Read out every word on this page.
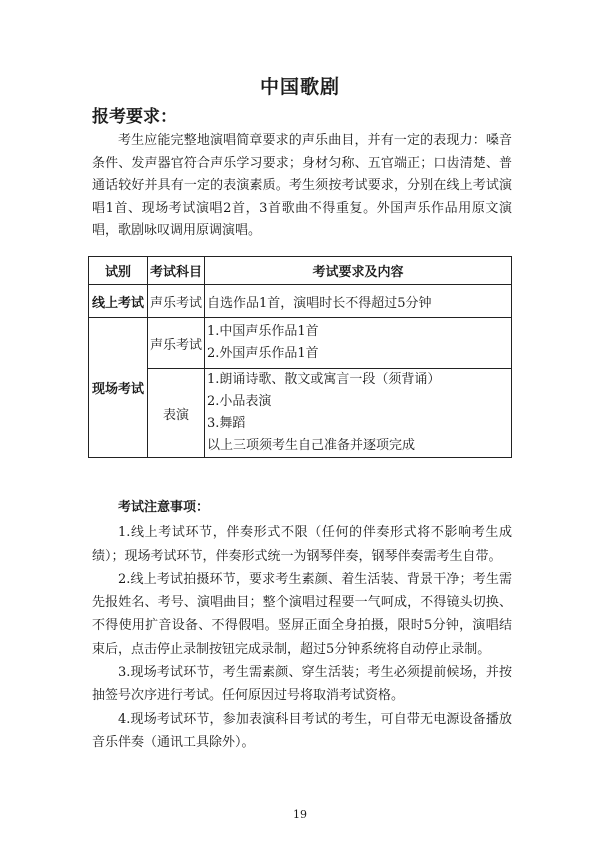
中国歌剧
报考要求：

考生应能完整地演唱简章要求的声乐曲目，并有一定的表现力：嗓音条件、发声器官符合声乐学习要求；身材匀称、五官端正；口齿清楚、普通话较好并具有一定的表演素质。考生须按考试要求，分别在线上考试演唱1首、现场考试演唱2首，3首歌曲不得重复。外国声乐作品用原文演唱，歌剧咏叹调用原调演唱。

试别	考试科目	考试要求及内容
线上考试	声乐考试	自选作品1首，演唱时长不得超过5分钟
现场考试	声乐考试	1.中国声乐作品1首
2.外国声乐作品1首

	表演	1.朗诵诗歌、散文或寓言一段（须背诵）
2.小品表演
3.舞蹈
以上三项须考生自己准备并逐项完成
考试注意事项：

1.线上考试环节，伴奏形式不限（任何的伴奏形式将不影响考生成绩）；现场考试环节，伴奏形式统一为钢琴伴奏，钢琴伴奏需考生自带。

2.线上考试拍摄环节，要求考生素颜、着生活装、背景干净；考生需先报姓名、考号、演唱曲目；整个演唱过程要一气呵成，不得镜头切换、不得使用扩音设备、不得假唱。竖屏正面全身拍摄，限时5分钟，演唱结束后，点击停止录制按钮完成录制，超过5分钟系统将自动停止录制。

3.现场考试环节，考生需素颜、穿生活装；考生必须提前候场，并按抽签号次序进行考试。任何原因过号将取消考试资格。

4.现场考试环节，参加表演科目考试的考生，可自带无电源设备播放音乐伴奏（通讯工具除外）。

19
